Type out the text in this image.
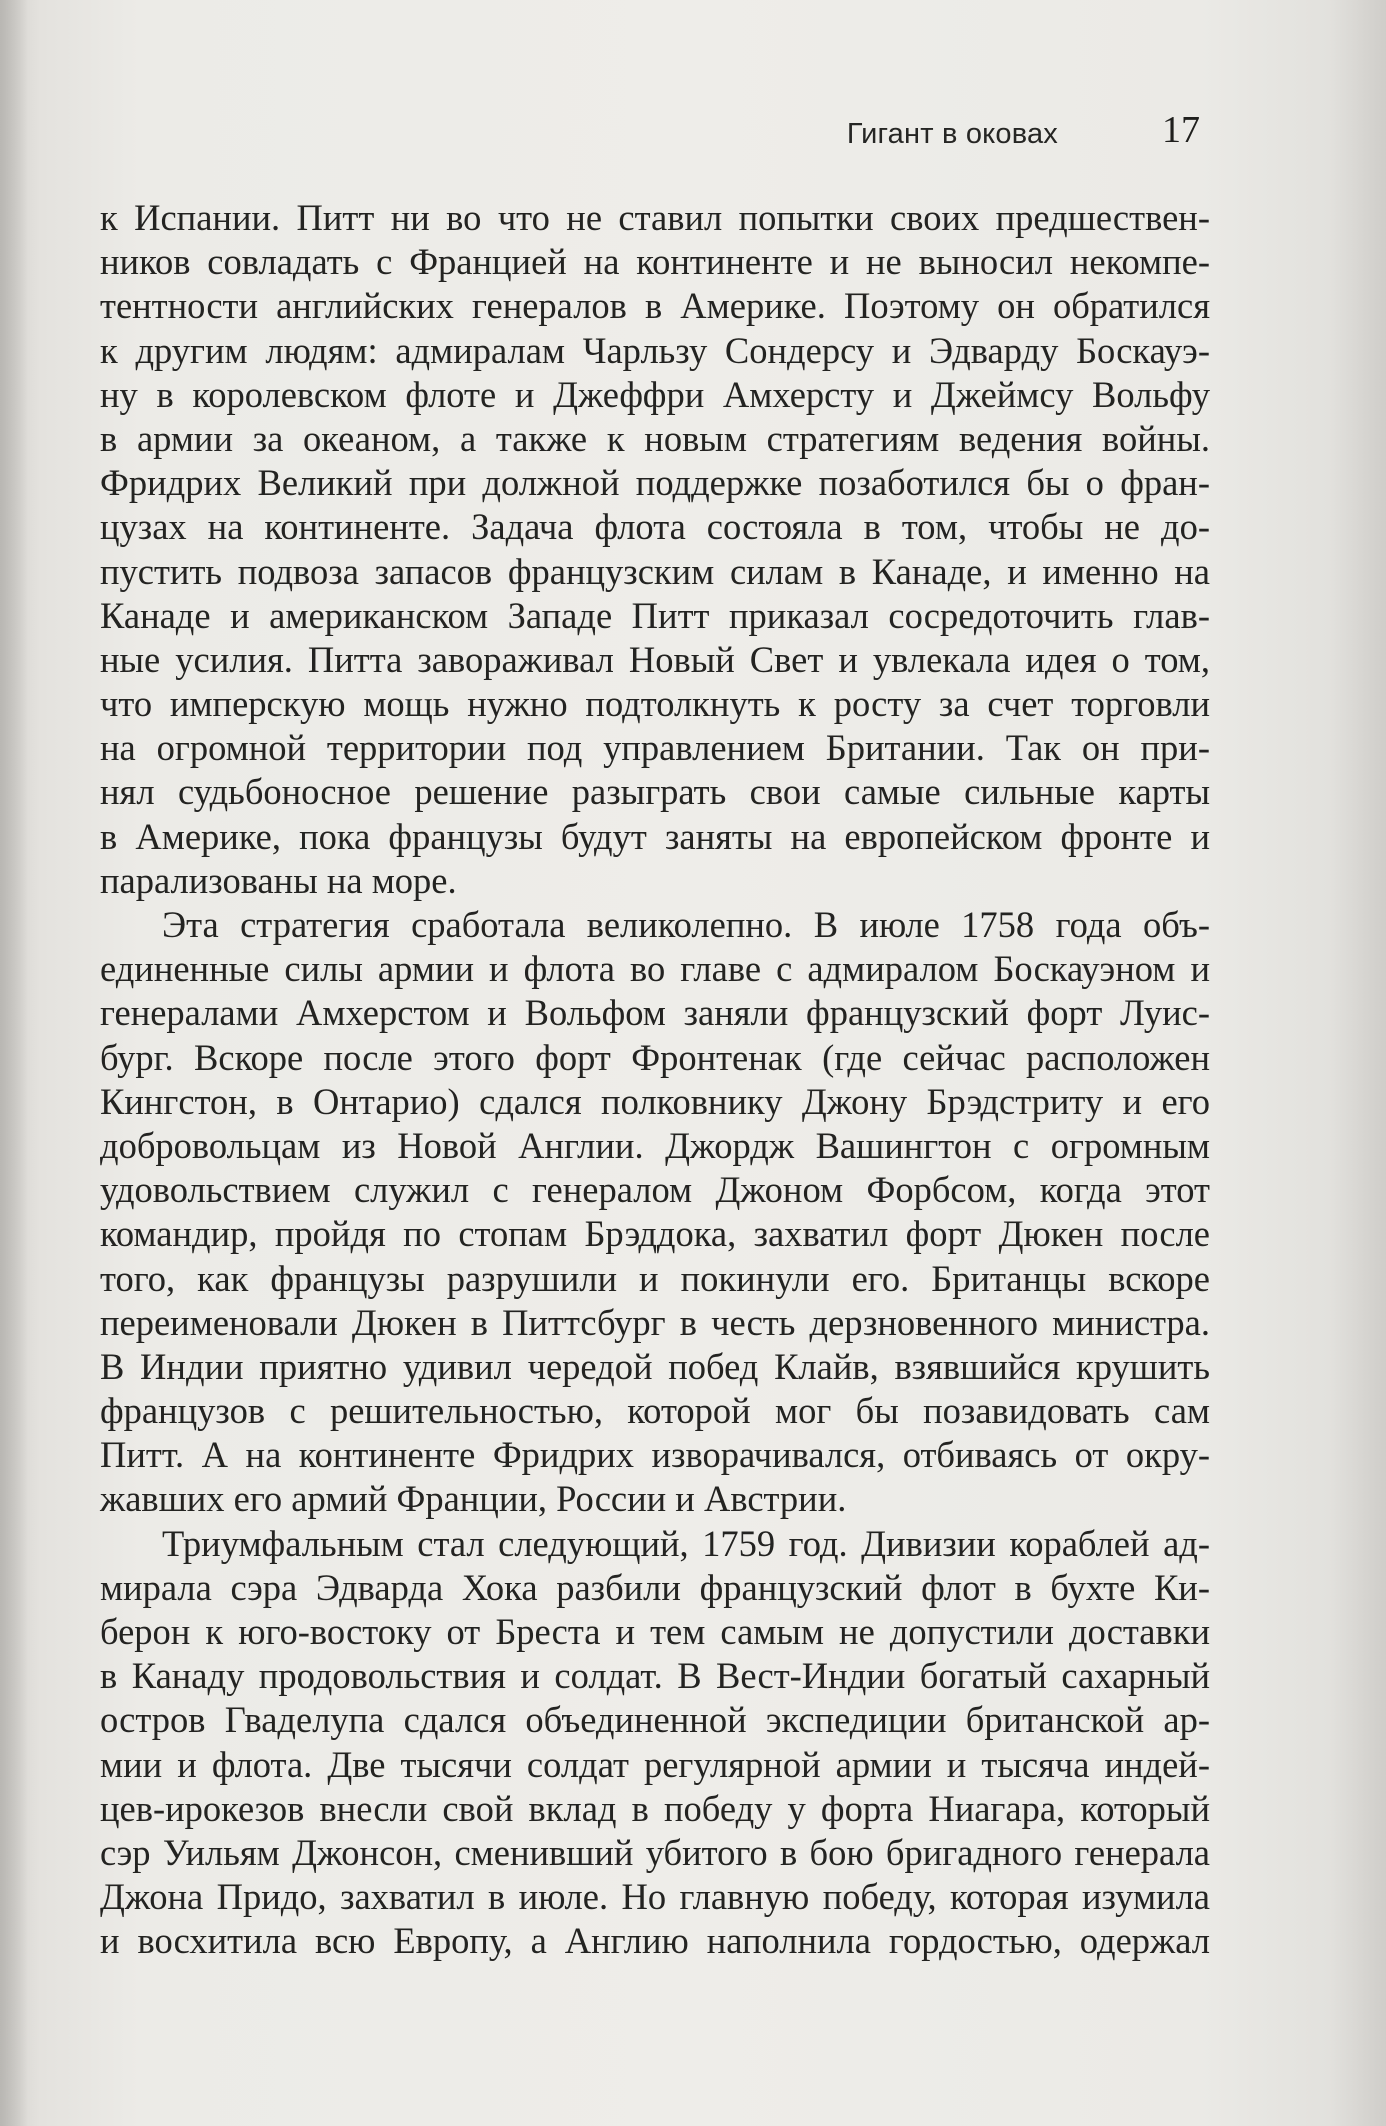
Гигант в оковах	17
к Испании. Питт ни во что не ставил попытки своих предшествен-
ников совладать с Францией на континенте и не выносил некомпе-
тентности английских генералов в Америке. Поэтому он обратился
к другим людям: адмиралам Чарльзу Сондерсу и Эдварду Боскауэ-
ну в королевском флоте и Джеффри Амхерсту и Джеймсу Вольфу
в армии за океаном, а также к новым стратегиям ведения войны.
Фридрих Великий при должной поддержке позаботился бы о фран-
цузах на континенте. Задача флота состояла в том, чтобы не до-
пустить подвоза запасов французским силам в Канаде, и именно на
Канаде и американском Западе Питт приказал сосредоточить глав-
ные усилия. Питта завораживал Новый Свет и увлекала идея о том,
что имперскую мощь нужно подтолкнуть к росту за счет торговли
на огромной территории под управлением Британии. Так он при-
нял судьбоносное решение разыграть свои самые сильные карты
в Америке, пока французы будут заняты на европейском фронте и
парализованы на море.
Эта стратегия сработала великолепно. В июле 1758 года объ-
единенные силы армии и флота во главе с адмиралом Боскауэном и
генералами Амхерстом и Вольфом заняли французский форт Луис-
бург. Вскоре после этого форт Фронтенак (где сейчас расположен
Кингстон, в Онтарио) сдался полковнику Джону Брэдстриту и его
добровольцам из Новой Англии. Джордж Вашингтон с огромным
удовольствием служил с генералом Джоном Форбсом, когда этот
командир, пройдя по стопам Брэддока, захватил форт Дюкен после
того, как французы разрушили и покинули его. Британцы вскоре
переименовали Дюкен в Питтсбург в честь дерзновенного министра.
В Индии приятно удивил чередой побед Клайв, взявшийся крушить
французов с решительностью, которой мог бы позавидовать сам
Питт. А на континенте Фридрих изворачивался, отбиваясь от окру-
жавших его армий Франции, России и Австрии.
Триумфальным стал следующий, 1759 год. Дивизии кораблей ад-
мирала сэра Эдварда Хока разбили французский флот в бухте Ки-
берон к юго-востоку от Бреста и тем самым не допустили доставки
в Канаду продовольствия и солдат. В Вест-Индии богатый сахарный
остров Гваделупа сдался объединенной экспедиции британской ар-
мии и флота. Две тысячи солдат регулярной армии и тысяча индей-
цев-ирокезов внесли свой вклад в победу у форта Ниагара, который
сэр Уильям Джонсон, сменивший убитого в бою бригадного генерала
Джона Придо, захватил в июле. Но главную победу, которая изумила
и восхитила всю Европу, а Англию наполнила гордостью, одержал
